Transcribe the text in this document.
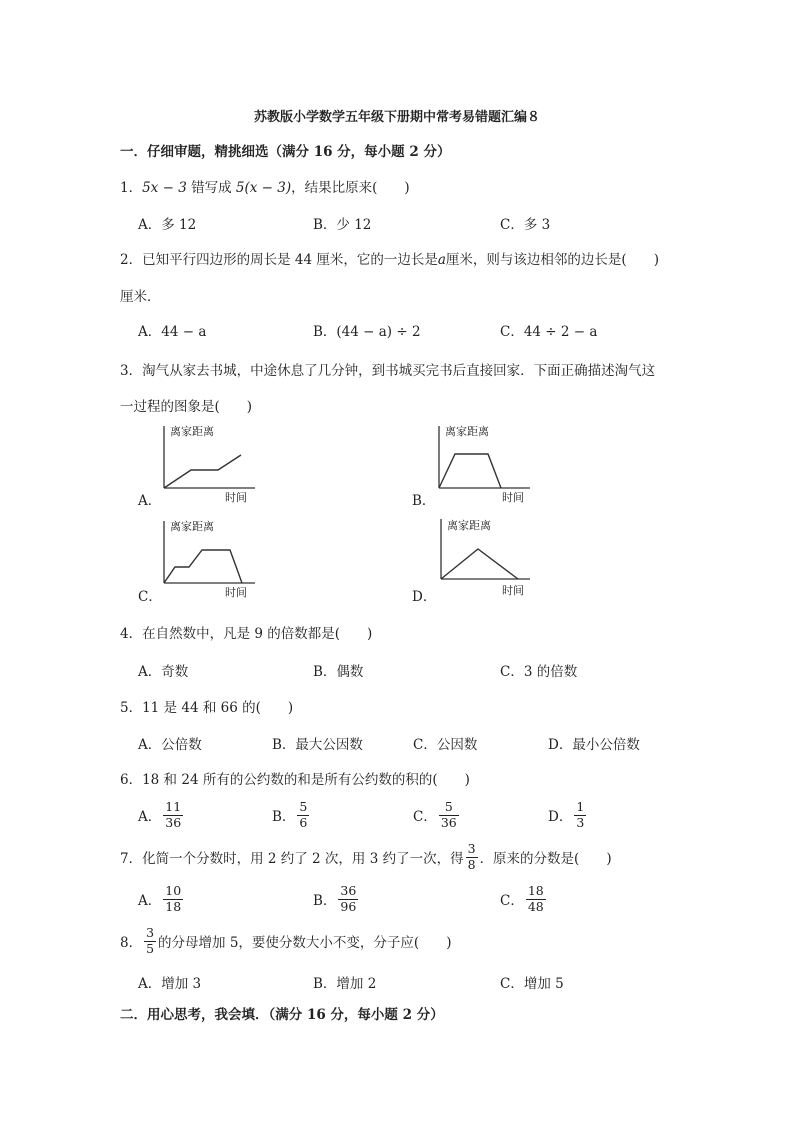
苏教版小学数学五年级下册期中常考易错题汇编８
一．仔细审题，精挑细选（满分 16 分，每小题 2 分）
1．5x − 3 错写成 5(x − 3)，结果比原来(　　)
A．多 12	B．少 12	C．多 3
2．已知平行四边形的周长是 44 厘米，它的一边长是a厘米，则与该边相邻的边长是(　　)
厘米．
A．44 − a	B．(44 − a) ÷ 2	C．44 ÷ 2 − a
3．淘气从家去书城，中途休息了几分钟，到书城买完书后直接回家．下面正确描述淘气这
一过程的图象是(　　)
A．
离家距离
时间	B．
离家距离
时间
C．
离家距离
时间	D．
离家距离
时间
4．在自然数中，凡是 9 的倍数都是(　　)
A．奇数	B．偶数	C．3 的倍数
5．11 是 44 和 66 的(　　)
A．公倍数	B．最大公因数	C．公因数	D．最小公倍数
6．18 和 24 所有的公约数的和是所有公约数的积的(　　)
A． $\frac{11}{36}$	B． $\frac{5}{6}$	C． $\frac{5}{36}$	D． $\frac{1}{3}$
7．化简一个分数时，用 2 约了 2 次，用 3 约了一次，得 $\frac{3}{8}$ ．原来的分数是(　　)
A． $\frac{10}{18}$	B． $\frac{36}{96}$	C． $\frac{18}{48}$
8． $\frac{3}{5}$ 的分母增加 5，要使分数大小不变，分子应(　　)
A．增加 3	B．增加 2	C．增加 5
二．用心思考，我会填．（满分 16 分，每小题 2 分）
